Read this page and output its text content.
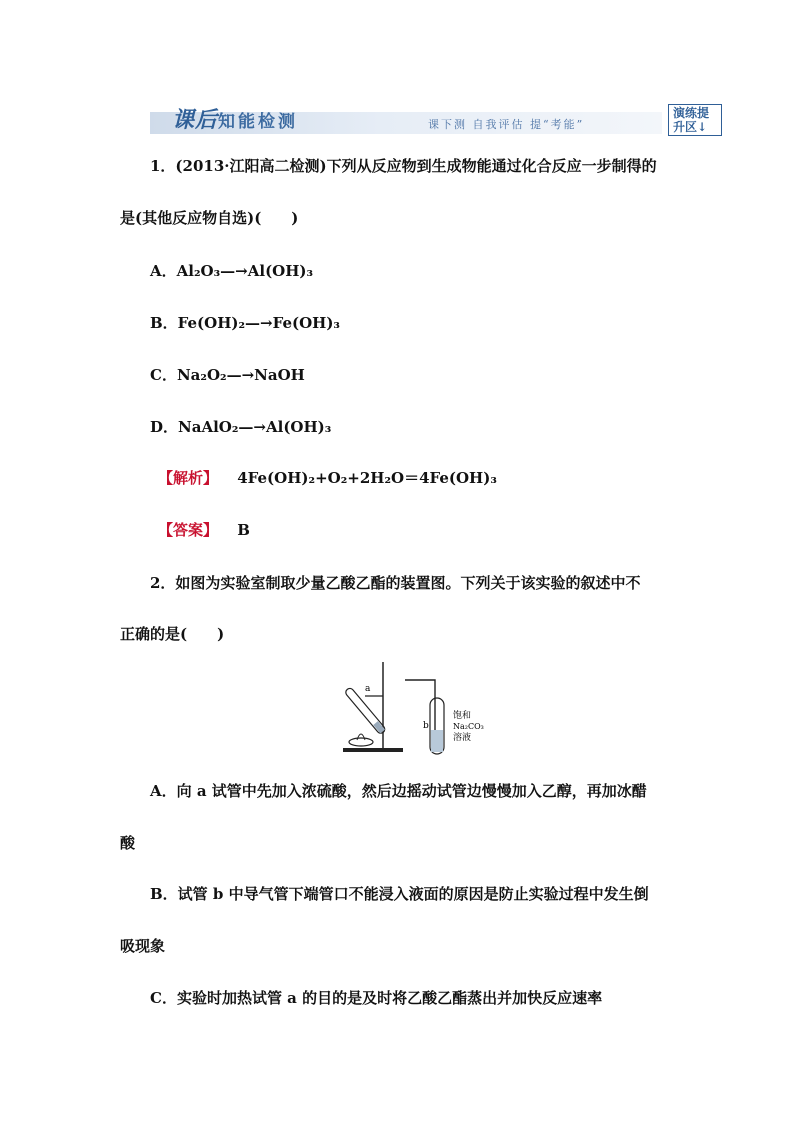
课后知能检测	课下测 自我评估 提“考能”
演练提
升区↓
1．(2013·江阳高二检测)下列从反应物到生成物能通过化合反应一步制得的
是(其他反应物自选)(　　)
A．Al₂O₃—→Al(OH)₃
B．Fe(OH)₂—→Fe(OH)₃
C．Na₂O₂—→NaOH
D．NaAlO₂—→Al(OH)₃
【解析】 4Fe(OH)₂+O₂+2H₂O＝4Fe(OH)₃
【答案】 B
2．如图为实验室制取少量乙酸乙酯的装置图。下列关于该实验的叙述中不
正确的是(　　)
a
b
饱和
Na₂CO₃
溶液
A．向 a 试管中先加入浓硫酸，然后边摇动试管边慢慢加入乙醇，再加冰醋
酸
B．试管 b 中导气管下端管口不能浸入液面的原因是防止实验过程中发生倒
吸现象
C．实验时加热试管 a 的目的是及时将乙酸乙酯蒸出并加快反应速率
